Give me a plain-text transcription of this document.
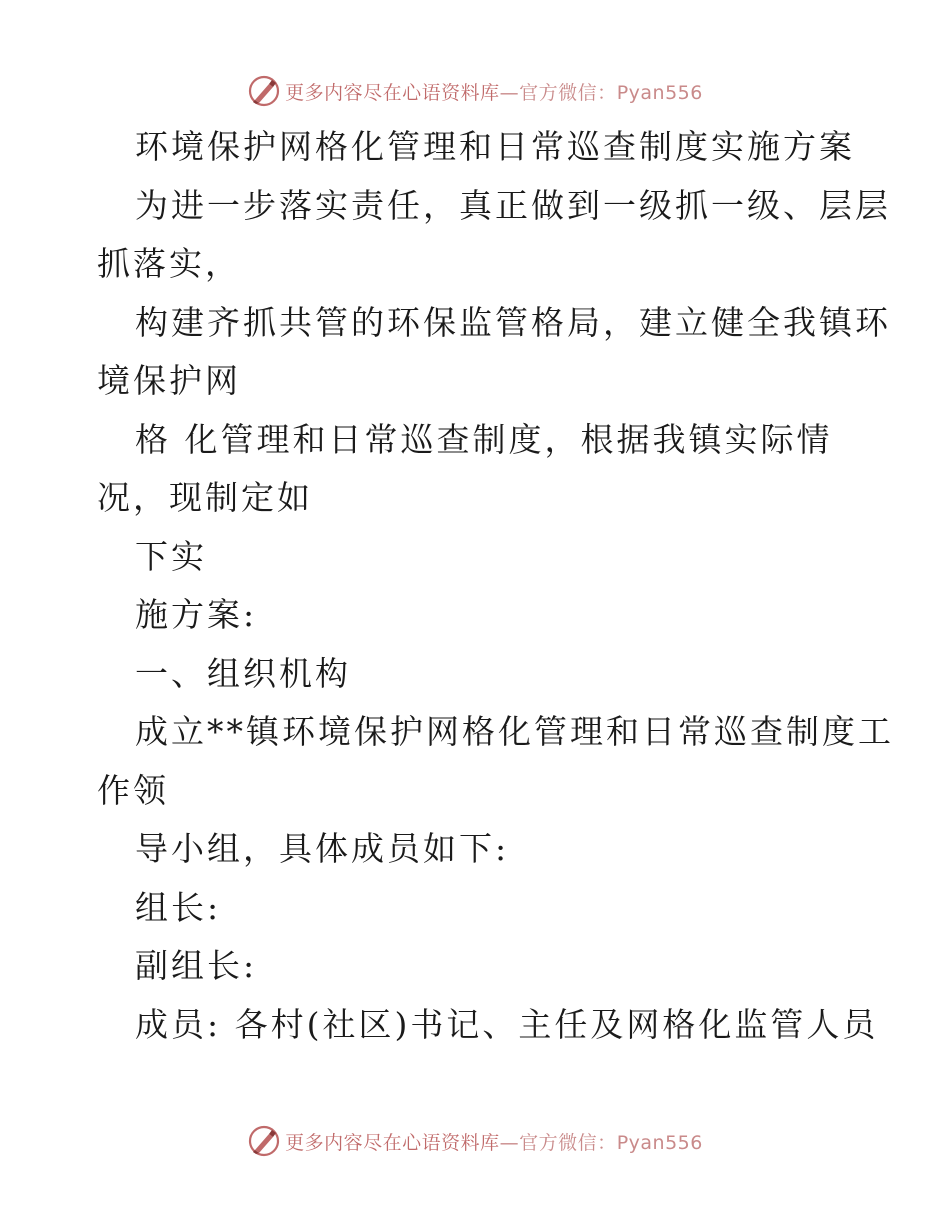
更多内容尽在心语资料库—官方微信：Pyan556
环境保护网格化管理和日常巡查制度实施方案
为进一步落实责任，真正做到一级抓一级、层层
抓落实，
构建齐抓共管的环保监管格局，建立健全我镇环
境保护网
格 化管理和日常巡查制度，根据我镇实际情
况，现制定如
下实
施方案:
一、组织机构
成立**镇环境保护网格化管理和日常巡查制度工
作领
导小组，具体成员如下:
组长:
副组长:
成员: 各村(社区)书记、主任及网格化监管人员
更多内容尽在心语资料库—官方微信：Pyan556
